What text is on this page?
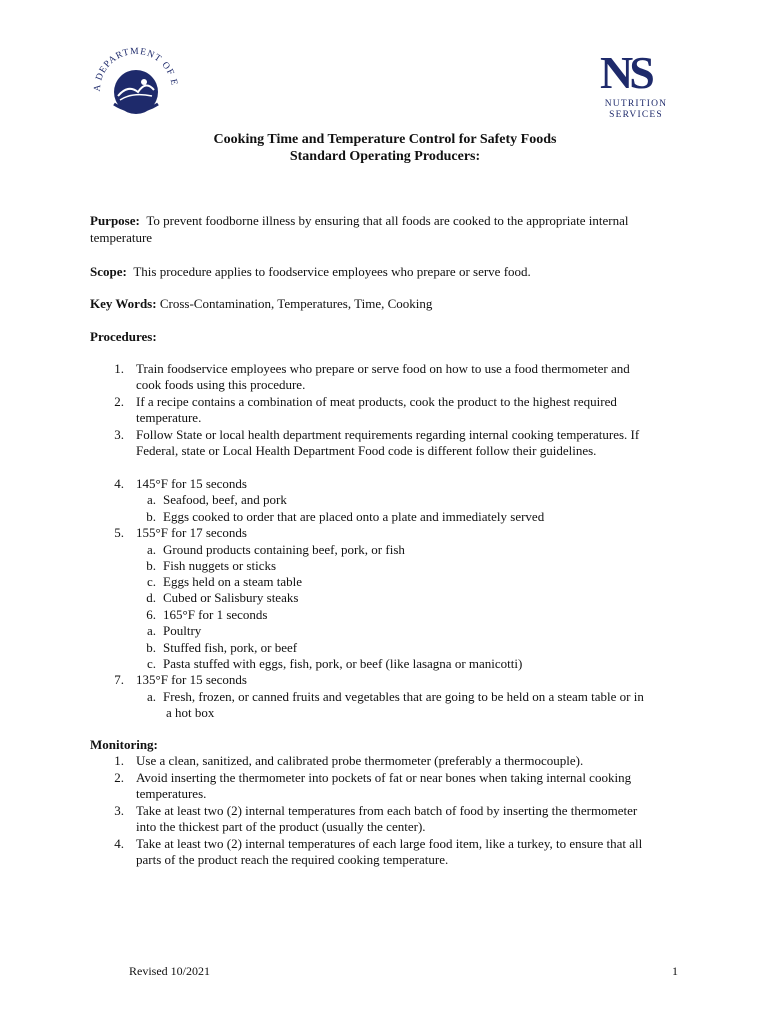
A DEPARTMENT OF E	NS
NUTRITION
SERVICES
Cooking Time and Temperature Control for Safety Foods
Standard Operating Producers:
Purpose: To prevent foodborne illness by ensuring that all foods are cooked to the appropriate internal
temperature
Scope: This procedure applies to foodservice employees who prepare or serve food.
Key Words: Cross-Contamination, Temperatures, Time, Cooking
Procedures:
1. Train foodservice employees who prepare or serve food on how to use a food thermometer and
cook foods using this procedure.
2. If a recipe contains a combination of meat products, cook the product to the highest required
temperature.
3. Follow State or local health department requirements regarding internal cooking temperatures. If
Federal, state or Local Health Department Food code is different follow their guidelines.
4. 145°F for 15 seconds
a. Seafood, beef, and pork
b. Eggs cooked to order that are placed onto a plate and immediately served
5. 155°F for 17 seconds
a. Ground products containing beef, pork, or fish
b. Fish nuggets or sticks
c. Eggs held on a steam table
d. Cubed or Salisbury steaks
6. 165°F for 1 seconds
a. Poultry
b. Stuffed fish, pork, or beef
c. Pasta stuffed with eggs, fish, pork, or beef (like lasagna or manicotti)
7. 135°F for 15 seconds
a. Fresh, frozen, or canned fruits and vegetables that are going to be held on a steam table or in
a hot box
Monitoring:
1. Use a clean, sanitized, and calibrated probe thermometer (preferably a thermocouple).
2. Avoid inserting the thermometer into pockets of fat or near bones when taking internal cooking
temperatures.
3. Take at least two (2) internal temperatures from each batch of food by inserting the thermometer
into the thickest part of the product (usually the center).
4. Take at least two (2) internal temperatures of each large food item, like a turkey, to ensure that all
parts of the product reach the required cooking temperature.
Revised 10/2021	1
